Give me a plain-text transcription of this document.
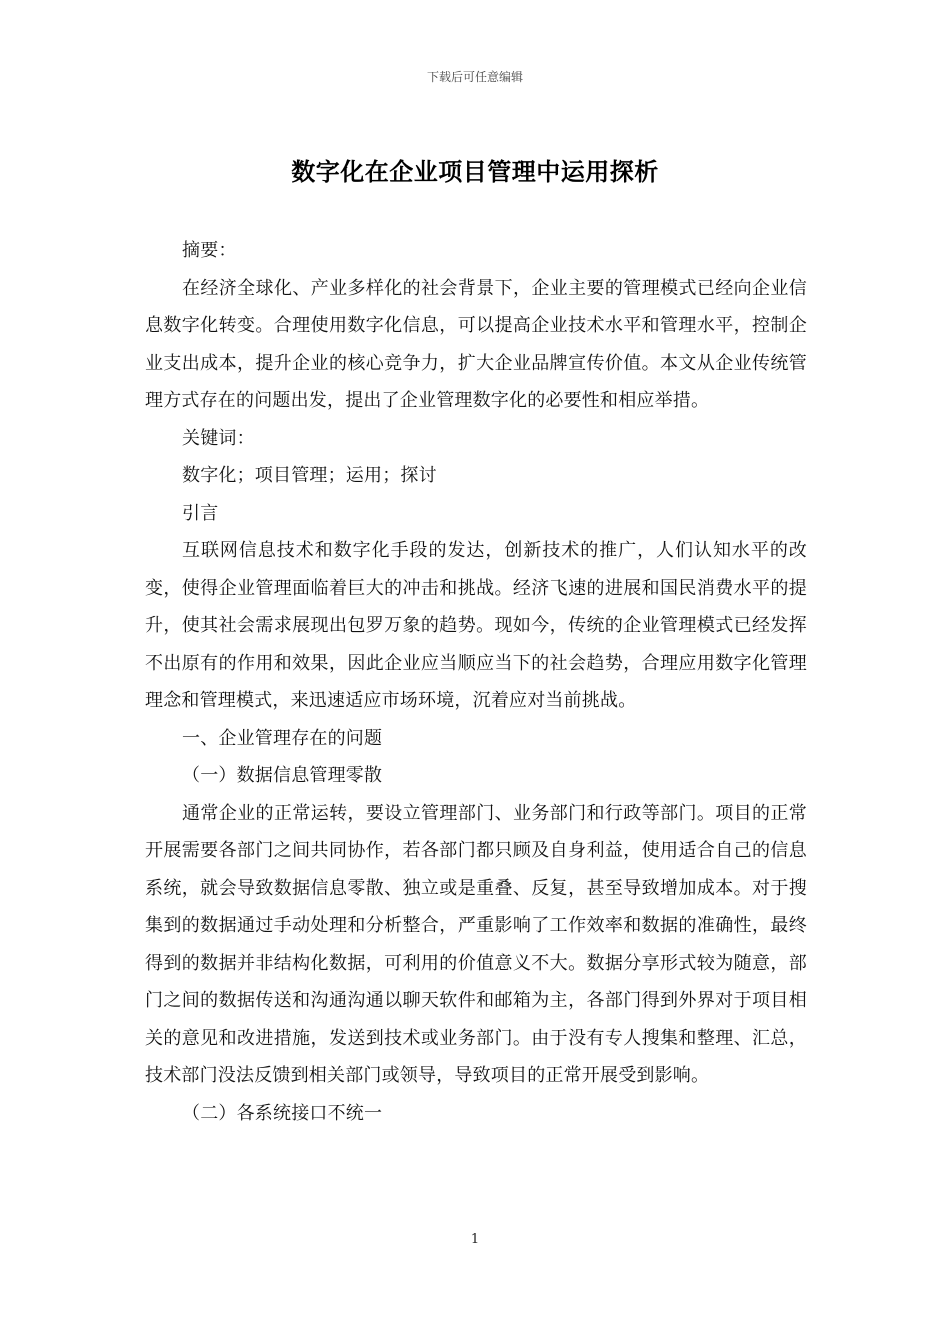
下载后可任意编辑
数字化在企业项目管理中运用探析

摘要：

在经济全球化、产业多样化的社会背景下，企业主要的管理模式已经向企业信息数字化转变。合理使用数字化信息，可以提高企业技术水平和管理水平，控制企业支出成本，提升企业的核心竞争力，扩大企业品牌宣传价值。本文从企业传统管理方式存在的问题出发，提出了企业管理数字化的必要性和相应举措。

关键词：

数字化；项目管理；运用；探讨

引言

互联网信息技术和数字化手段的发达，创新技术的推广，人们认知水平的改变，使得企业管理面临着巨大的冲击和挑战。经济飞速的进展和国民消费水平的提升，使其社会需求展现出包罗万象的趋势。现如今，传统的企业管理模式已经发挥不出原有的作用和效果，因此企业应当顺应当下的社会趋势，合理应用数字化管理理念和管理模式，来迅速适应市场环境，沉着应对当前挑战。

一、企业管理存在的问题

（一）数据信息管理零散

通常企业的正常运转，要设立管理部门、业务部门和行政等部门。项目的正常开展需要各部门之间共同协作，若各部门都只顾及自身利益，使用适合自己的信息系统，就会导致数据信息零散、独立或是重叠、反复，甚至导致增加成本。对于搜集到的数据通过手动处理和分析整合，严重影响了工作效率和数据的准确性，最终得到的数据并非结构化数据，可利用的价值意义不大。数据分享形式较为随意，部门之间的数据传送和沟通沟通以聊天软件和邮箱为主，各部门得到外界对于项目相关的意见和改进措施，发送到技术或业务部门。由于没有专人搜集和整理、汇总，技术部门没法反馈到相关部门或领导，导致项目的正常开展受到影响。

（二）各系统接口不统一

1
